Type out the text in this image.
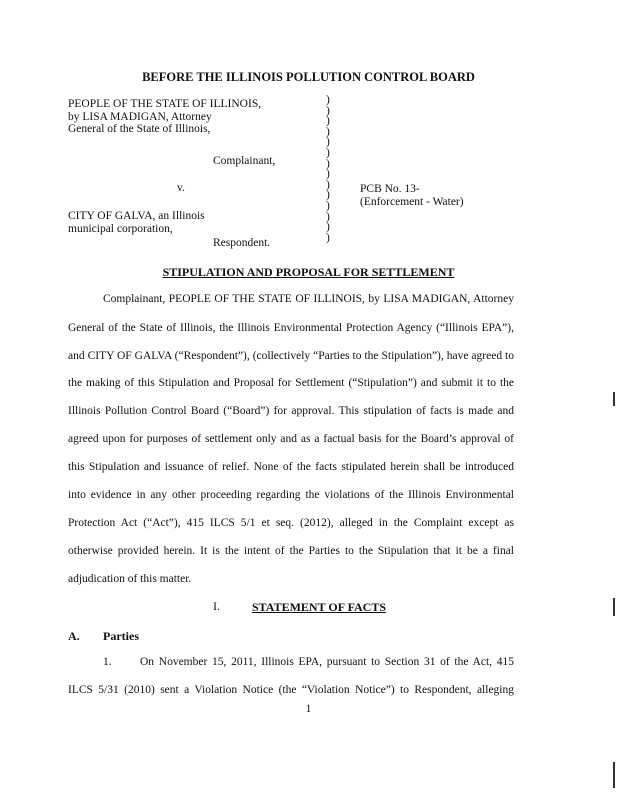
BEFORE THE ILLINOIS POLLUTION CONTROL BOARD
PEOPLE OF THE STATE OF ILLINOIS,
by LISA MADIGAN, Attorney
General of the State of Illinois,
Complainant,
v.
CITY OF GALVA, an Illinois
municipal corporation,
Respondent.
)
)
)
)
)
)
)
)
)
)
)
)
)
)
PCB No. 13-
(Enforcement - Water)
STIPULATION AND PROPOSAL FOR SETTLEMENT
Complainant, PEOPLE OF THE STATE OF ILLINOIS, by LISA MADIGAN, Attorney
General of the State of Illinois, the Illinois Environmental Protection Agency (“Illinois EPA”),
and CITY OF GALVA (“Respondent”), (collectively “Parties to the Stipulation”), have agreed to
the making of this Stipulation and Proposal for Settlement (“Stipulation”) and submit it to the
Illinois Pollution Control Board (“Board”) for approval. This stipulation of facts is made and
agreed upon for purposes of settlement only and as a factual basis for the Board’s approval of
this Stipulation and issuance of relief. None of the facts stipulated herein shall be introduced
into evidence in any other proceeding regarding the violations of the Illinois Environmental
Protection Act (“Act”), 415 ILCS 5/1 et seq. (2012), alleged in the Complaint except as
otherwise provided herein. It is the intent of the Parties to the Stipulation that it be a final
adjudication of this matter.
I.	STATEMENT OF FACTS
A. Parties
1. On November 15, 2011, Illinois EPA, pursuant to Section 31 of the Act, 415
ILCS 5/31 (2010) sent a Violation Notice (the “Violation Notice”) to Respondent, alleging
1
